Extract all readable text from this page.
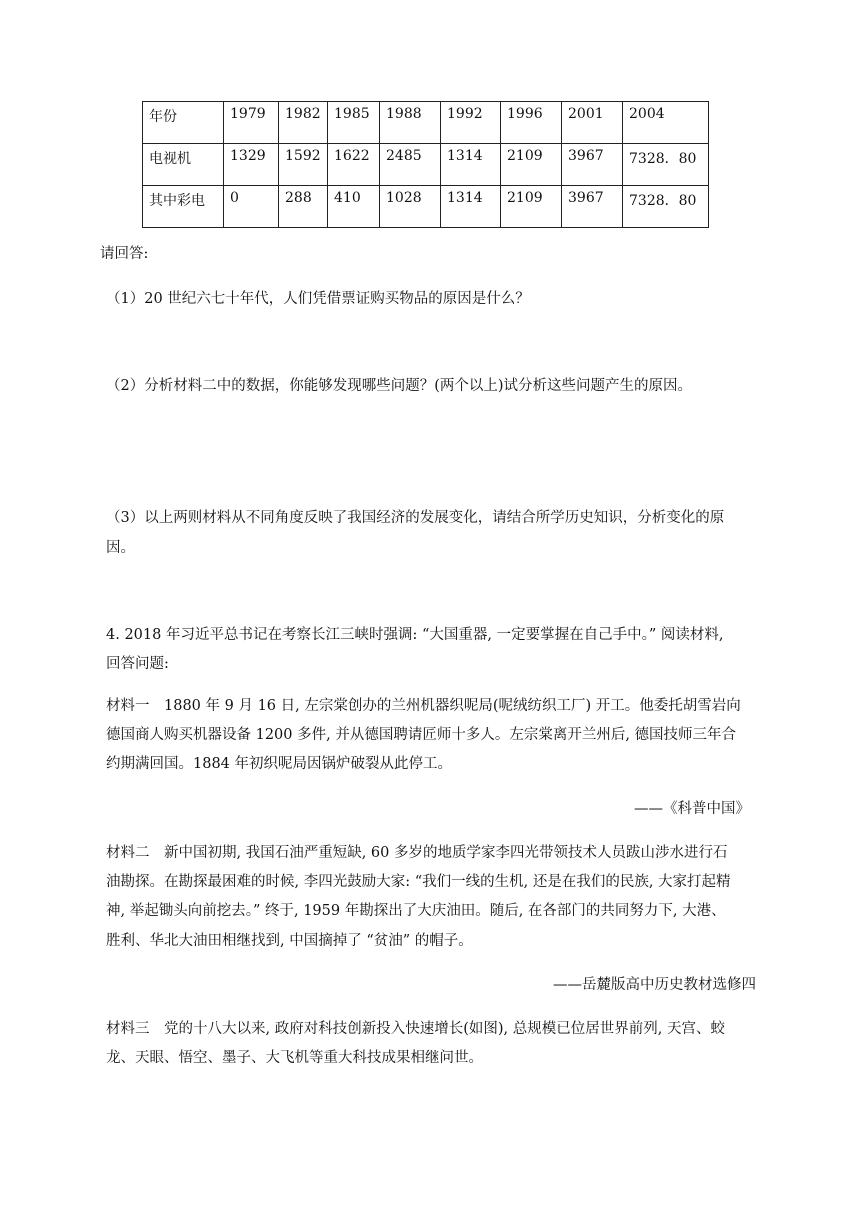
年份	1979	1982	1985	1988	1992	1996	2001	2004
电视机	1329	1592	1622	2485	1314	2109	3967	7328．80
其中彩电	0	288	410	1028	1314	2109	3967	7328．80
请回答:
（1）20 世纪六七十年代，人们凭借票证购买物品的原因是什么？
（2）分析材料二中的数据，你能够发现哪些问题？(两个以上)试分析这些问题产生的原因。
（3）以上两则材料从不同角度反映了我国经济的发展变化，请结合所学历史知识，分析变化的原
因。
4. 2018 年习近平总书记在考察长江三峡时强调: “大国重器, 一定要掌握在自己手中。” 阅读材料,
回答问题:
材料一　1880 年 9 月 16 日, 左宗棠创办的兰州机器织呢局(呢绒纺织工厂) 开工。他委托胡雪岩向
德国商人购买机器设备 1200 多件, 并从德国聘请匠师十多人。左宗棠离开兰州后, 德国技师三年合
约期满回国。1884 年初织呢局因锅炉破裂从此停工。
——《科普中国》
材料二　新中国初期, 我国石油严重短缺, 60 多岁的地质学家李四光带领技术人员跋山涉水进行石
油勘探。在勘探最困难的时候, 李四光鼓励大家: “我们一线的生机, 还是在我们的民族, 大家打起精
神, 举起锄头向前挖去。” 终于, 1959 年勘探出了大庆油田。随后, 在各部门的共同努力下, 大港、
胜利、华北大油田相继找到, 中国摘掉了 “贫油” 的帽子。
——岳麓版高中历史教材选修四
材料三　党的十八大以来, 政府对科技创新投入快速增长(如图), 总规模已位居世界前列, 天宫、蛟
龙、天眼、悟空、墨子、大飞机等重大科技成果相继问世。
